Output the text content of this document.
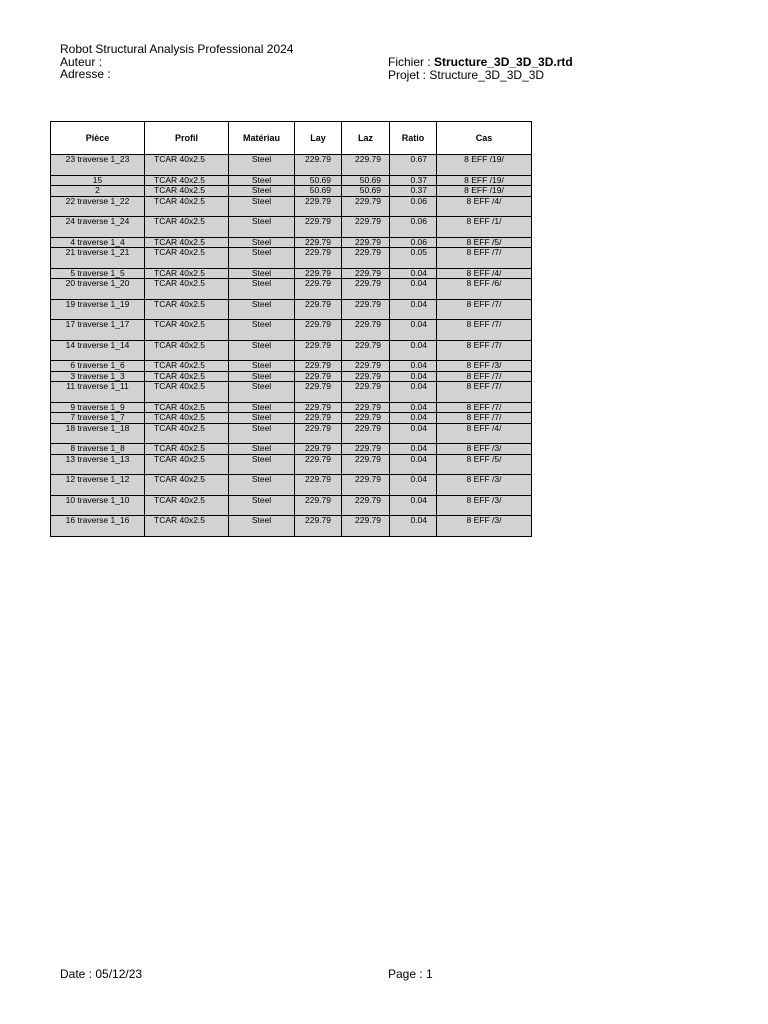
Robot Structural Analysis Professional 2024
Auteur :
Adresse :
Fichier : Structure_3D_3D_3D.rtd
Projet : Structure_3D_3D_3D
Pièce	Profil	Matériau	Lay	Laz	Ratio	Cas
23 traverse 1_23	TCAR 40x2.5	Steel	229.79	229.79	0.67	8 EFF /19/
15	TCAR 40x2.5	Steel	50.69	50.69	0.37	8 EFF /19/
2	TCAR 40x2.5	Steel	50.69	50.69	0.37	8 EFF /19/
22 traverse 1_22	TCAR 40x2.5	Steel	229.79	229.79	0.06	8 EFF /4/
24 traverse 1_24	TCAR 40x2.5	Steel	229.79	229.79	0.06	8 EFF /1/
4 traverse 1_4	TCAR 40x2.5	Steel	229.79	229.79	0.06	8 EFF /5/
21 traverse 1_21	TCAR 40x2.5	Steel	229.79	229.79	0.05	8 EFF /7/
5 traverse 1_5	TCAR 40x2.5	Steel	229.79	229.79	0.04	8 EFF /4/
20 traverse 1_20	TCAR 40x2.5	Steel	229.79	229.79	0.04	8 EFF /6/
19 traverse 1_19	TCAR 40x2.5	Steel	229.79	229.79	0.04	8 EFF /7/
17 traverse 1_17	TCAR 40x2.5	Steel	229.79	229.79	0.04	8 EFF /7/
14 traverse 1_14	TCAR 40x2.5	Steel	229.79	229.79	0.04	8 EFF /7/
6 traverse 1_6	TCAR 40x2.5	Steel	229.79	229.79	0.04	8 EFF /3/
3 traverse 1_3	TCAR 40x2.5	Steel	229.79	229.79	0.04	8 EFF /7/
11 traverse 1_11	TCAR 40x2.5	Steel	229.79	229.79	0.04	8 EFF /7/
9 traverse 1_9	TCAR 40x2.5	Steel	229.79	229.79	0.04	8 EFF /7/
7 traverse 1_7	TCAR 40x2.5	Steel	229.79	229.79	0.04	8 EFF /7/
18 traverse 1_18	TCAR 40x2.5	Steel	229.79	229.79	0.04	8 EFF /4/
8 traverse 1_8	TCAR 40x2.5	Steel	229.79	229.79	0.04	8 EFF /3/
13 traverse 1_13	TCAR 40x2.5	Steel	229.79	229.79	0.04	8 EFF /5/
12 traverse 1_12	TCAR 40x2.5	Steel	229.79	229.79	0.04	8 EFF /3/
10 traverse 1_10	TCAR 40x2.5	Steel	229.79	229.79	0.04	8 EFF /3/
16 traverse 1_16	TCAR 40x2.5	Steel	229.79	229.79	0.04	8 EFF /3/
Date : 05/12/23	Page : 1
